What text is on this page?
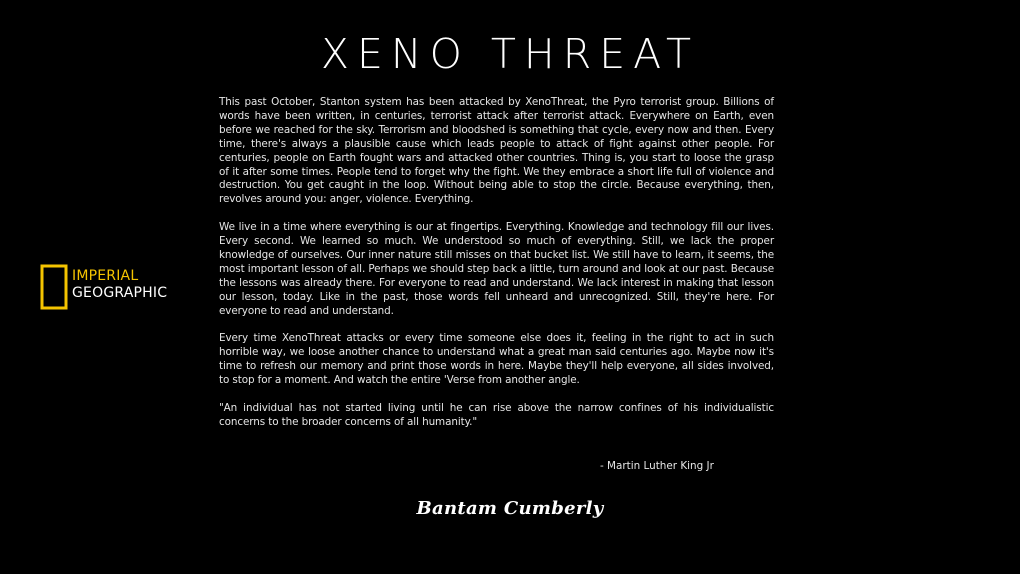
XENO THREAT
IMPERIAL
GEOGRAPHIC

This past October, Stanton system has been attacked by XenoThreat, the Pyro terrorist group. Billions of words have been written, in centuries, terrorist attack after terrorist attack. Everywhere on Earth, even before we reached for the sky. Terrorism and bloodshed is something that cycle, every now and then. Every time, there's always a plausible cause which leads people to attack of fight against other people. For centuries, people on Earth fought wars and attacked other countries. Thing is, you start to loose the grasp of it after some times. People tend to forget why the fight. We they embrace a short life full of violence and destruction. You get caught in the loop. Without being able to stop the circle. Because everything, then, revolves around you: anger, violence. Everything.

We live in a time where everything is our at fingertips. Everything. Knowledge and technology fill our lives. Every second. We learned so much. We understood so much of everything. Still, we lack the proper knowledge of ourselves. Our inner nature still misses on that bucket list. We still have to learn, it seems, the most important lesson of all. Perhaps we should step back a little, turn around and look at our past. Because the lessons was already there. For everyone to read and understand. We lack interest in making that lesson our lesson, today. Like in the past, those words fell unheard and unrecognized. Still, they're here. For everyone to read and understand.

Every time XenoThreat attacks or every time someone else does it, feeling in the right to act in such horrible way, we loose another chance to understand what a great man said centuries ago. Maybe now it's time to refresh our memory and print those words in here. Maybe they'll help everyone, all sides involved, to stop for a moment. And watch the entire 'Verse from another angle.

"An individual has not started living until he can rise above the narrow confines of his individualistic concerns to the broader concerns of all humanity."

- Martin Luther King Jr
Bantam Cumberly
